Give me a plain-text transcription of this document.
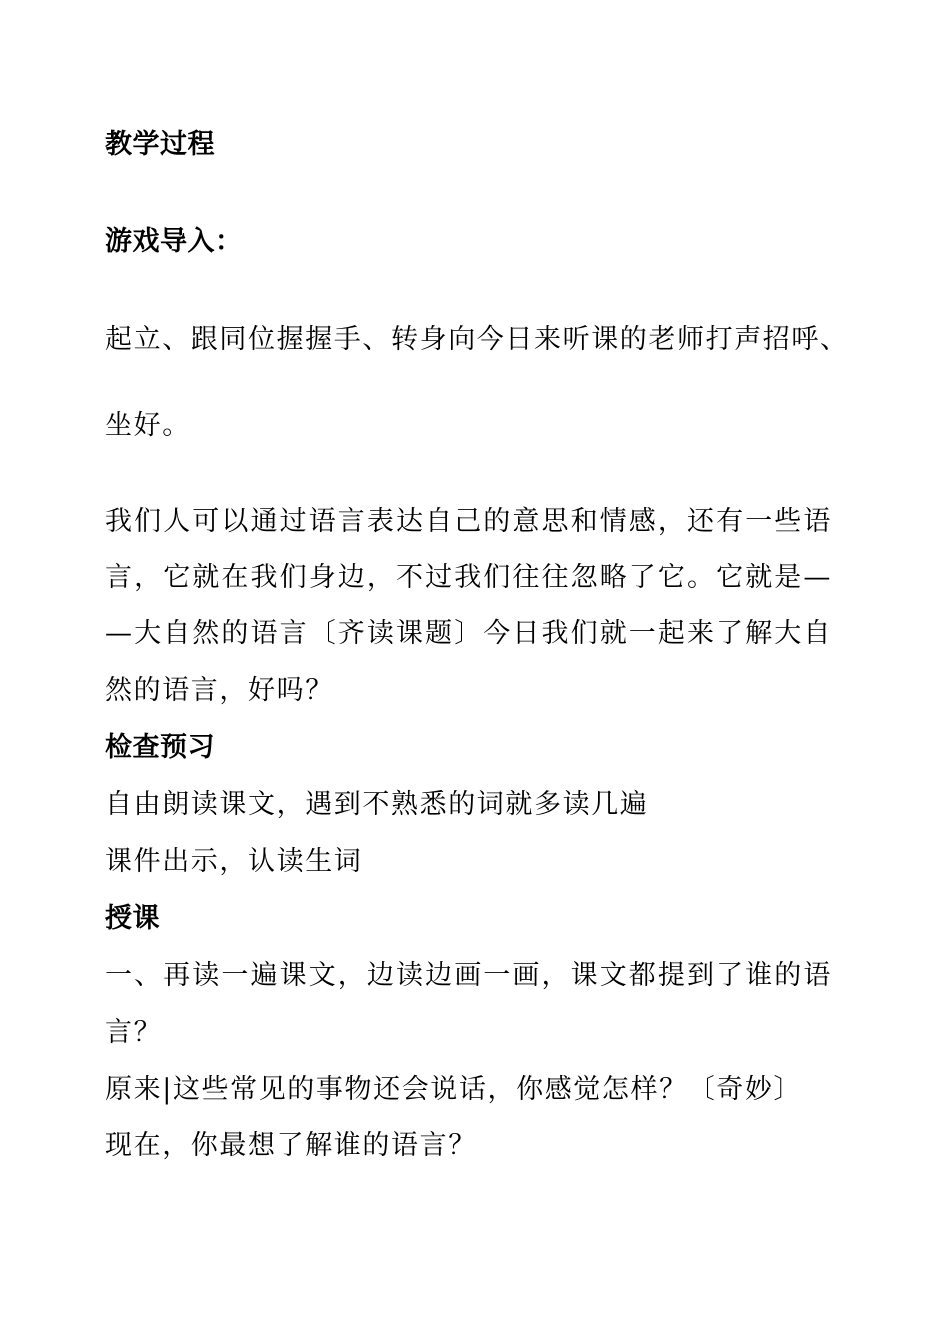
教学过程
游戏导入：
起立、跟同位握握手、转身向今日来听课的老师打声招呼、
坐好。
我们人可以通过语言表达自己的意思和情感，还有一些语
言，它就在我们身边，不过我们往往忽略了它。它就是—
—大自然的语言〔齐读课题〕今日我们就一起来了解大自
然的语言，好吗？
检查预习
自由朗读课文，遇到不熟悉的词就多读几遍
课件出示，认读生词
授课
一、再读一遍课文，边读边画一画，课文都提到了谁的语
言？
原来|这些常见的事物还会说话，你感觉怎样？〔奇妙〕
现在，你最想了解谁的语言？
